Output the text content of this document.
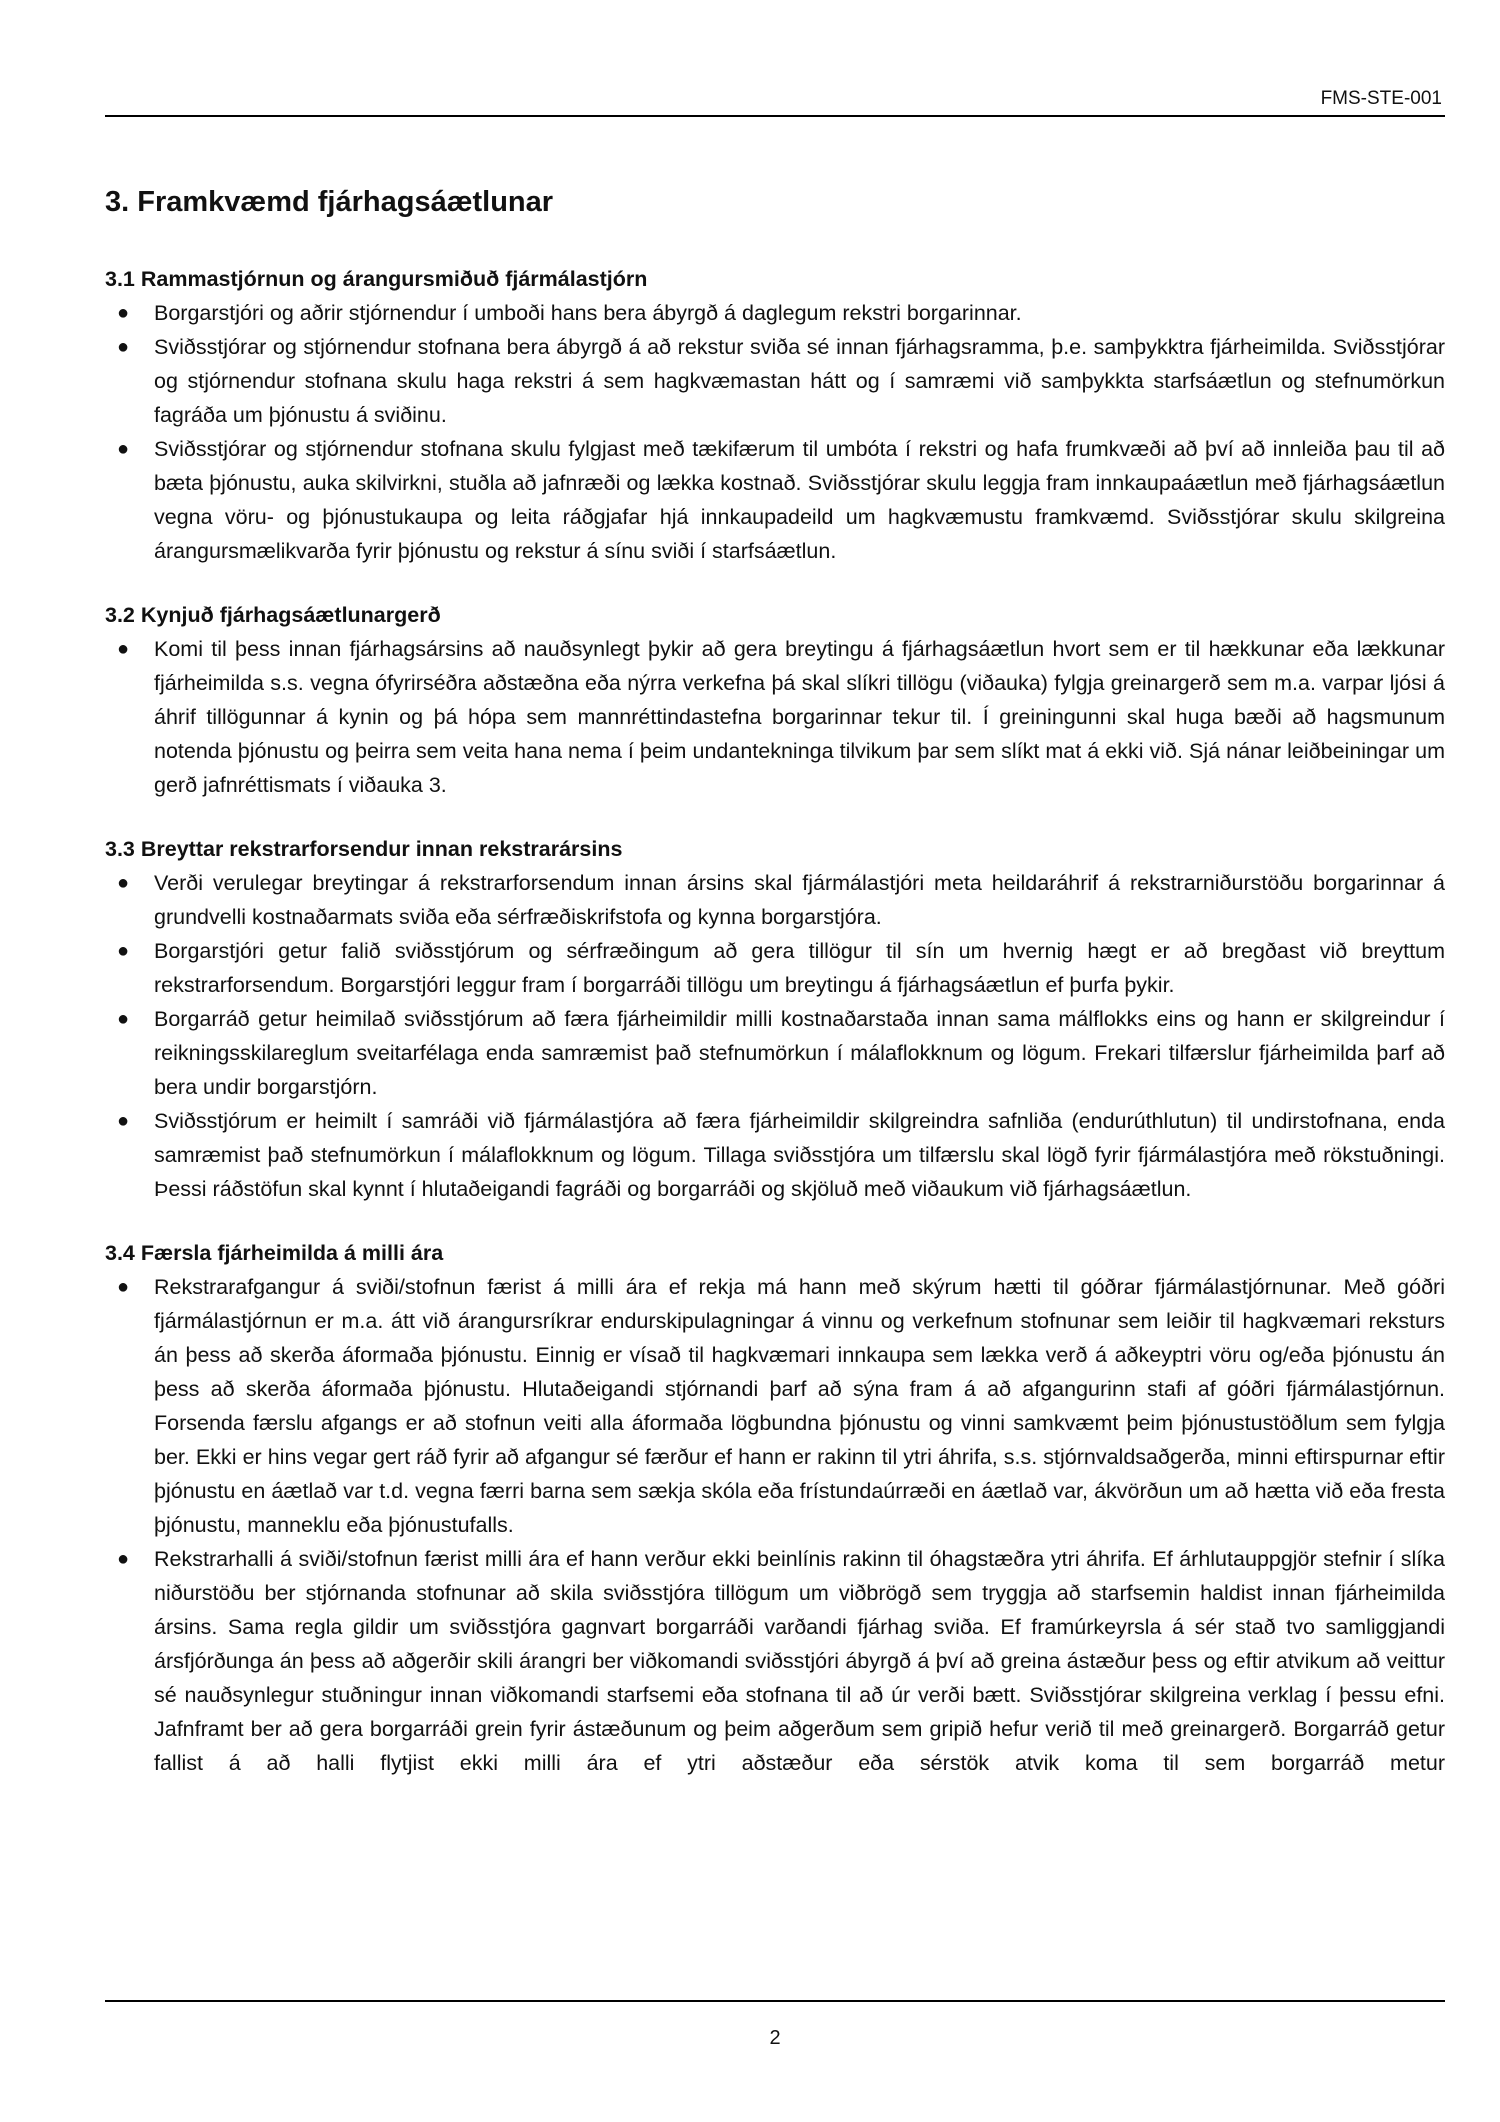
FMS-STE-001
3. Framkvæmd fjárhagsáætlunar
3.1 Rammastjórnun og árangursmiðuð fjármálastjórn
● Borgarstjóri og aðrir stjórnendur í umboði hans bera ábyrgð á daglegum rekstri borgarinnar.
● Sviðsstjórar og stjórnendur stofnana bera ábyrgð á að rekstur sviða sé innan fjárhagsramma, þ.e. samþykktra fjárheimilda. Sviðsstjórar og stjórnendur stofnana skulu haga rekstri á sem hagkvæmastan hátt og í samræmi við samþykkta starfsáætlun og stefnumörkun fagráða um þjónustu á sviðinu.
● Sviðsstjórar og stjórnendur stofnana skulu fylgjast með tækifærum til umbóta í rekstri og hafa frumkvæði að því að innleiða þau til að bæta þjónustu, auka skilvirkni, stuðla að jafnræði og lækka kostnað. Sviðsstjórar skulu leggja fram innkaupaáætlun með fjárhagsáætlun vegna vöru- og þjónustukaupa og leita ráðgjafar hjá innkaupadeild um hagkvæmustu framkvæmd. Sviðsstjórar skulu skilgreina árangursmælikvarða fyrir þjónustu og rekstur á sínu sviði í starfsáætlun.
3.2 Kynjuð fjárhagsáætlunargerð
● Komi til þess innan fjárhagsársins að nauðsynlegt þykir að gera breytingu á fjárhagsáætlun hvort sem er til hækkunar eða lækkunar fjárheimilda s.s. vegna ófyrirséðra aðstæðna eða nýrra verkefna þá skal slíkri tillögu (viðauka) fylgja greinargerð sem m.a. varpar ljósi á áhrif tillögunnar á kynin og þá hópa sem mannréttindastefna borgarinnar tekur til. Í greiningunni skal huga bæði að hagsmunum notenda þjónustu og þeirra sem veita hana nema í þeim undantekninga tilvikum þar sem slíkt mat á ekki við. Sjá nánar leiðbeiningar um gerð jafnréttismats í viðauka 3.
3.3 Breyttar rekstrarforsendur innan rekstrarársins
● Verði verulegar breytingar á rekstrarforsendum innan ársins skal fjármálastjóri meta heildaráhrif á rekstrarniðurstöðu borgarinnar á grundvelli kostnaðarmats sviða eða sérfræðiskrifstofa og kynna borgarstjóra.
● Borgarstjóri getur falið sviðsstjórum og sérfræðingum að gera tillögur til sín um hvernig hægt er að bregðast við breyttum rekstrarforsendum. Borgarstjóri leggur fram í borgarráði tillögu um breytingu á fjárhagsáætlun ef þurfa þykir.
● Borgarráð getur heimilað sviðsstjórum að færa fjárheimildir milli kostnaðarstaða innan sama málflokks eins og hann er skilgreindur í reikningsskilareglum sveitarfélaga enda samræmist það stefnumörkun í málaflokknum og lögum. Frekari tilfærslur fjárheimilda þarf að bera undir borgarstjórn.
● Sviðsstjórum er heimilt í samráði við fjármálastjóra að færa fjárheimildir skilgreindra safnliða (endurúthlutun) til undirstofnana, enda samræmist það stefnumörkun í málaflokknum og lögum. Tillaga sviðsstjóra um tilfærslu skal lögð fyrir fjármálastjóra með rökstuðningi. Þessi ráðstöfun skal kynnt í hlutaðeigandi fagráði og borgarráði og skjöluð með viðaukum við fjárhagsáætlun.
3.4 Færsla fjárheimilda á milli ára
● Rekstrarafgangur á sviði/stofnun færist á milli ára ef rekja má hann með skýrum hætti til góðrar fjármálastjórnunar. Með góðri fjármálastjórnun er m.a. átt við árangursríkrar endurskipulagningar á vinnu og verkefnum stofnunar sem leiðir til hagkvæmari reksturs án þess að skerða áformaða þjónustu. Einnig er vísað til hagkvæmari innkaupa sem lækka verð á aðkeyptri vöru og/eða þjónustu án þess að skerða áformaða þjónustu. Hlutaðeigandi stjórnandi þarf að sýna fram á að afgangurinn stafi af góðri fjármálastjórnun. Forsenda færslu afgangs er að stofnun veiti alla áformaða lögbundna þjónustu og vinni samkvæmt þeim þjónustustöðlum sem fylgja ber. Ekki er hins vegar gert ráð fyrir að afgangur sé færður ef hann er rakinn til ytri áhrifa, s.s. stjórnvaldsaðgerða, minni eftirspurnar eftir þjónustu en áætlað var t.d. vegna færri barna sem sækja skóla eða frístundaúrræði en áætlað var, ákvörðun um að hætta við eða fresta þjónustu, manneklu eða þjónustufalls.
● Rekstrarhalli á sviði/stofnun færist milli ára ef hann verður ekki beinlínis rakinn til óhagstæðra ytri áhrifa. Ef árhlutauppgjör stefnir í slíka niðurstöðu ber stjórnanda stofnunar að skila sviðsstjóra tillögum um viðbrögð sem tryggja að starfsemin haldist innan fjárheimilda ársins. Sama regla gildir um sviðsstjóra gagnvart borgarráði varðandi fjárhag sviða. Ef framúrkeyrsla á sér stað tvo samliggjandi ársfjórðunga án þess að aðgerðir skili árangri ber viðkomandi sviðsstjóri ábyrgð á því að greina ástæður þess og eftir atvikum að veittur sé nauðsynlegur stuðningur innan viðkomandi starfsemi eða stofnana til að úr verði bætt. Sviðsstjórar skilgreina verklag í þessu efni. Jafnframt ber að gera borgarráði grein fyrir ástæðunum og þeim aðgerðum sem gripið hefur verið til með greinargerð. Borgarráð getur fallist á að halli flytjist ekki milli ára ef ytri aðstæður eða sérstök atvik koma til sem borgarráð metur
2
